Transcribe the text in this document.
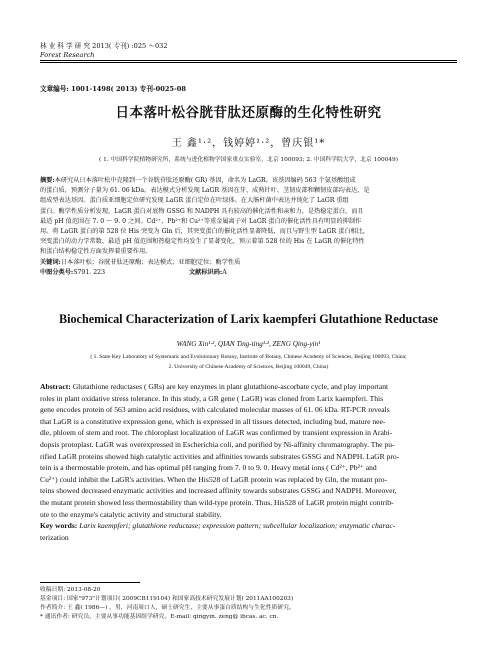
林 业 科 学 研 究 2013( 专刊) :025 ～032
Forest Research
文章编号: 1001-1498( 2013) 专刊-0025-08
日本落叶松谷胱苷肽还原酶的生化特性研究
王 鑫¹·²，钱婷婷¹·²，曾庆银¹*
( 1. 中国科学院植物研究所，系统与进化植物学国家重点实验室，北京 100093; 2. 中国科学院大学，北京 100049)
摘要:本研究从日本落叶松中克隆到一个谷胱苷肽还原酶( GR) 基因，命名为 LaGR。该基因编码 563 个氨基酸组成
的蛋白质，预测分子量为 61. 06 kDa。表达模式分析发现 LaGR 基因在芽、成熟针叶、茎韧皮部和颗韧皮部均表达，是
组成型表达基因。蛋白质亚细胞定位研究发现 LaGR 蛋白定位在叶绿体。在大肠杆菌中表达并纯化了 LaGR 重组
蛋白。酶学性质分析发现，LaGR 蛋白对底物 GSSG 和 NADPH 具有较高的催化活性和亲和力，是热稳定蛋白，而且
最适 pH 值范围在 7. 0 ～ 9. 0 之间。Cd²⁺、Pb²⁺和 Cu²⁺等重金属离子对 LaGR 蛋白的催化活性具有明显的抑制作
用。将 LaGR 蛋白的第 528 位 His 突变为 Gln 后，其突变蛋白的催化活性显著降低，而且与野生型 LaGR 蛋白相比，
突变蛋白的动力学常数、最适 pH 值范围和热稳定性均发生了显著变化，预示着第 528 位的 His 在 LaGR 的催化特性
和蛋白结构稳定性方面发挥着重要作用。
关键词:日本落叶松；谷胱苷肽还原酶；表达模式；亚细胞定位；酶学性质
中图分类号:S791. 223	文献标识码:A
Biochemical Characterization of Larix kaempferi Glutathione Reductase
WANG Xin¹·², QIAN Ting-ting¹·², ZENG Qing-yin¹
( 1. State Key Laboratory of Systematic and Evolutionary Botany, Institute of Botany, Chinese Academy of Sciences, Beijing 100093, China;
2. University of Chinese Academy of Sciences, Beijing 100049, China)
Abstract: Glutathione reductases ( GRs) are key enzymes in plant glutathione-ascorbate cycle, and play important
roles in plant oxidative stress tolerance. In this study, a GR gene ( LaGR) was cloned from Larix kaempferi. This
gene encodes protein of 563 amino acid residues, with calculated molecular masses of 61. 06 kDa. RT-PCR reveals
that LaGR is a constitutive expression gene, which is expressed in all tissues detected, including bud, mature nee-
dle, phloem of stem and root. The chloroplast localization of LaGR was confirmed by transient expression in Arabi-
dopsis protoplast. LaGR was overexpressed in Escherichia coli, and purified by Ni-affinity chromatography. The pu-
rified LaGR proteins showed high catalytic activities and affinities towards substrates GSSG and NADPH. LaGR pro-
tein is a thermostable protein, and has optimal pH ranging from 7. 0 to 9. 0. Heavy metal ions ( Cd²⁺, Pb²⁺ and
Cu²⁺) could inhibit the LaGR's activities. When the His528 of LaGR protein was replaced by Gln, the mutant pro-
teins showed decreased enzymatic activities and increased affinity towards substrates GSSG and NADPH. Moreover,
the mutant protein showed less thermostability than wild-type protein. Thus, His528 of LaGR protein might contrib-
ute to the enzyme's catalytic activity and structural stability.
Key words: Larix kaempferi; glutathione reductase; expression pattern; subcellular localization; enzymatic charac-
terization
收稿日期: 2013-08-20
基金项目: 国家"973"计划项目( 2009CB119104) 和国家高技术研究发展计划( 2011AA100203)
作者简介: 王 鑫( 1986—) ，男，河南周口人，硕士研究生，主要从事蛋白质结构与生化性质研究。
* 通讯作者: 研究员，主要从事功能基因组学研究。E-mail: qingyin. zeng@ ibcas. ac. cn.
